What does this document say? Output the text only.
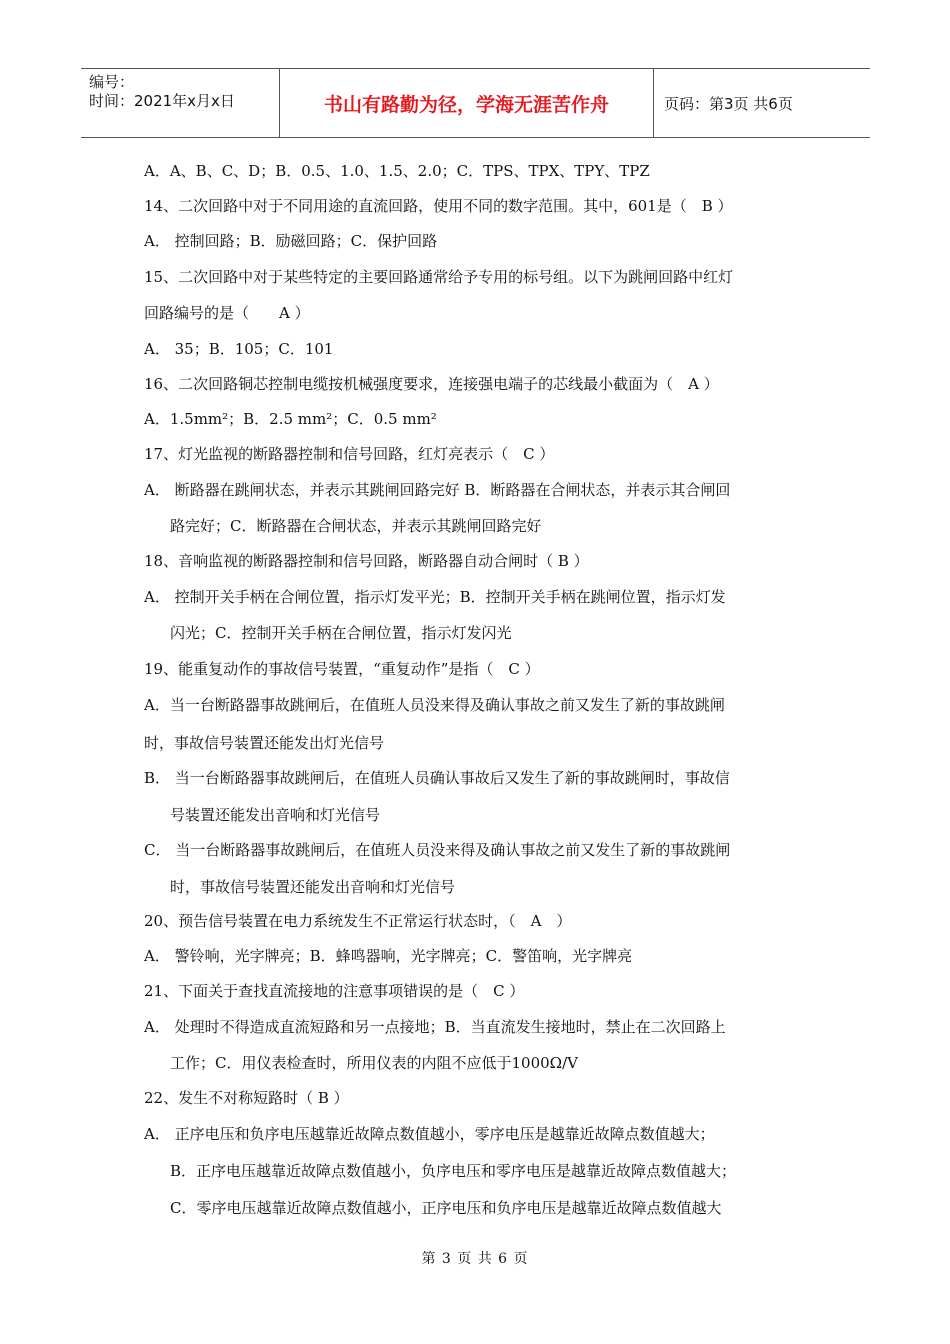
编号：
时间：2021年x月x日	书山有路勤为径，学海无涯苦作舟	页码：第3页 共6页
A．A、B、C、D；B．0.5、1.0、1.5、2.0；C．TPS、TPX、TPY、TPZ
14、二次回路中对于不同用途的直流回路，使用不同的数字范围。其中，601是（　B ）
A． 控制回路；B．励磁回路；C．保护回路
15、二次回路中对于某些特定的主要回路通常给予专用的标号组。以下为跳闸回路中红灯
回路编号的是（　　A ）
A． 35；B．105；C．101
16、二次回路铜芯控制电缆按机械强度要求，连接强电端子的芯线最小截面为（　A ）
A．1.5mm²；B．2.5 mm²；C．0.5 mm²
17、灯光监视的断路器控制和信号回路，红灯亮表示（　C ）
A． 断路器在跳闸状态，并表示其跳闸回路完好 B．断路器在合闸状态，并表示其合闸回
路完好；C．断路器在合闸状态，并表示其跳闸回路完好
18、音响监视的断路器控制和信号回路，断路器自动合闸时（ B ）
A． 控制开关手柄在合闸位置，指示灯发平光；B．控制开关手柄在跳闸位置，指示灯发
闪光；C．控制开关手柄在合闸位置，指示灯发闪光
19、能重复动作的事故信号装置，“重复动作”是指（　C ）
A．当一台断路器事故跳闸后，在值班人员没来得及确认事故之前又发生了新的事故跳闸
时，事故信号装置还能发出灯光信号
B． 当一台断路器事故跳闸后，在值班人员确认事故后又发生了新的事故跳闸时，事故信
号装置还能发出音响和灯光信号
C． 当一台断路器事故跳闸后，在值班人员没来得及确认事故之前又发生了新的事故跳闸
时，事故信号装置还能发出音响和灯光信号
20、预告信号装置在电力系统发生不正常运行状态时，（　A　）
A． 警铃响，光字牌亮；B．蜂鸣器响，光字牌亮；C．警笛响，光字牌亮
21、下面关于查找直流接地的注意事项错误的是（　C ）
A． 处理时不得造成直流短路和另一点接地；B．当直流发生接地时，禁止在二次回路上
工作；C．用仪表检查时，所用仪表的内阻不应低于1000Ω/V
22、发生不对称短路时（ B ）
A． 正序电压和负序电压越靠近故障点数值越小，零序电压是越靠近故障点数值越大；
B．正序电压越靠近故障点数值越小，负序电压和零序电压是越靠近故障点数值越大；
C．零序电压越靠近故障点数值越小，正序电压和负序电压是越靠近故障点数值越大
第 3 页 共 6 页
